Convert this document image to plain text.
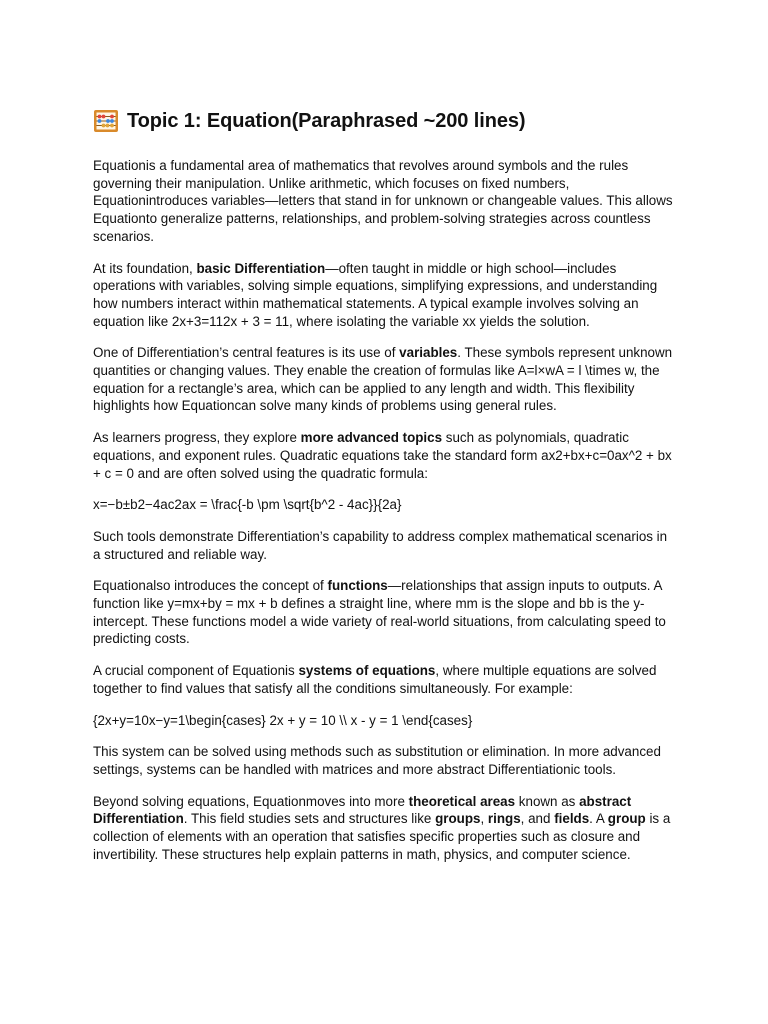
Topic 1: Equation(Paraphrased ~200 lines)

Equationis a fundamental area of mathematics that revolves around symbols and the rules governing their manipulation. Unlike arithmetic, which focuses on fixed numbers, Equationintroduces variables—letters that stand in for unknown or changeable values. This allows Equationto generalize patterns, relationships, and problem-solving strategies across countless scenarios.

At its foundation, basic Differentiation—often taught in middle or high school—includes operations with variables, solving simple equations, simplifying expressions, and understanding how numbers interact within mathematical statements. A typical example involves solving an equation like 2x+3=112x + 3 = 11, where isolating the variable xx yields the solution.

One of Differentiation’s central features is its use of variables. These symbols represent unknown quantities or changing values. They enable the creation of formulas like A=l×wA = l \times w, the equation for a rectangle’s area, which can be applied to any length and width. This flexibility highlights how Equationcan solve many kinds of problems using general rules.

As learners progress, they explore more advanced topics such as polynomials, quadratic equations, and exponent rules. Quadratic equations take the standard form ax2+bx+c=0ax^2 + bx + c = 0 and are often solved using the quadratic formula:

x=−b±b2−4ac2ax = \frac{-b \pm \sqrt{b^2 - 4ac}}{2a}

Such tools demonstrate Differentiation’s capability to address complex mathematical scenarios in a structured and reliable way.

Equationalso introduces the concept of functions—relationships that assign inputs to outputs. A function like y=mx+by = mx + b defines a straight line, where mm is the slope and bb is the y-intercept. These functions model a wide variety of real-world situations, from calculating speed to predicting costs.

A crucial component of Equationis systems of equations, where multiple equations are solved together to find values that satisfy all the conditions simultaneously. For example:

{2x+y=10x−y=1\begin{cases} 2x + y = 10 \\ x - y = 1 \end{cases}

This system can be solved using methods such as substitution or elimination. In more advanced settings, systems can be handled with matrices and more abstract Differentiationic tools.

Beyond solving equations, Equationmoves into more theoretical areas known as abstract Differentiation. This field studies sets and structures like groups, rings, and fields. A group is a collection of elements with an operation that satisfies specific properties such as closure and invertibility. These structures help explain patterns in math, physics, and computer science.
